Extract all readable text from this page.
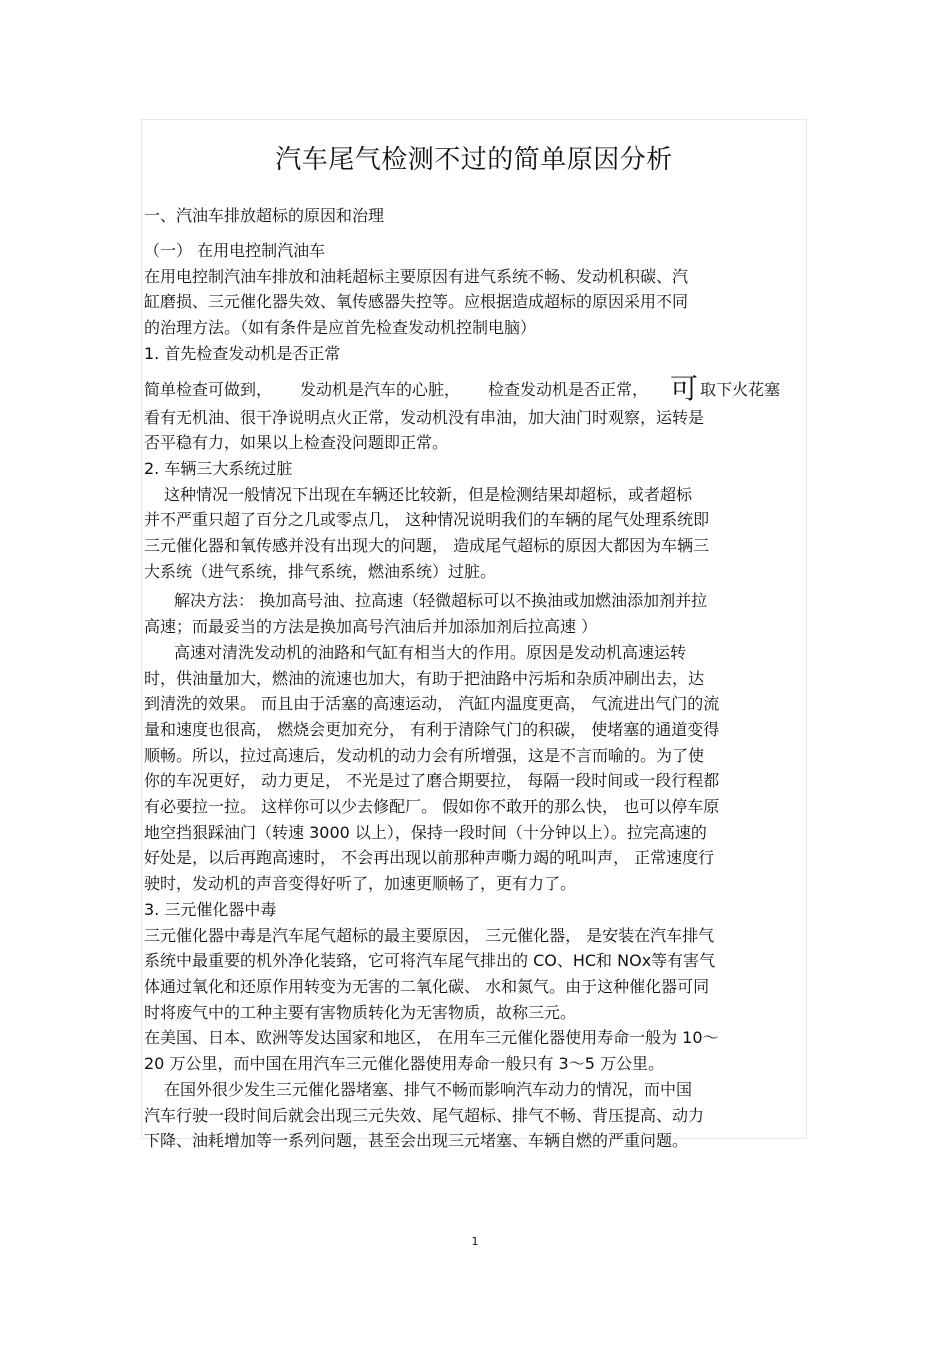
汽车尾气检测不过的简单原因分析
一、汽油车排放超标的原因和治理
（一） 在用电控制汽油车
在用电控制汽油车排放和油耗超标主要原因有进气系统不畅、发动机积碳、汽
缸磨损、三元催化器失效、氧传感器失控等。应根据造成超标的原因采用不同
的治理方法。（如有条件是应首先检查发动机控制电脑）
1. 首先检查发动机是否正常
简单检查可做到， 发动机是汽车的心脏， 检查发动机是否正常， 可 取下火花塞
看有无机油、很干净说明点火正常，发动机没有串油，加大油门时观察，运转是
否平稳有力，如果以上检查没问题即正常。
2. 车辆三大系统过脏
这种情况一般情况下出现在车辆还比较新，但是检测结果却超标，或者超标
并不严重只超了百分之几或零点几， 这种情况说明我们的车辆的尾气处理系统即
三元催化器和氧传感并没有出现大的问题， 造成尾气超标的原因大都因为车辆三
大系统（进气系统，排气系统，燃油系统）过脏。
解决方法： 换加高号油、拉高速（轻微超标可以不换油或加燃油添加剂并拉
高速；而最妥当的方法是换加高号汽油后并加添加剂后拉高速 ）
高速对清洗发动机的油路和气缸有相当大的作用。原因是发动机高速运转
时，供油量加大，燃油的流速也加大，有助于把油路中污垢和杂质冲刷出去，达
到清洗的效果。 而且由于活塞的高速运动， 汽缸内温度更高， 气流进出气门的流
量和速度也很高， 燃烧会更加充分， 有利于清除气门的积碳， 使堵塞的通道变得
顺畅。所以，拉过高速后，发动机的动力会有所增强，这是不言而喻的。为了使
你的车况更好， 动力更足， 不光是过了磨合期要拉， 每隔一段时间或一段行程都
有必要拉一拉。 这样你可以少去修配厂。 假如你不敢开的那么快， 也可以停车原
地空挡狠踩油门（转速 3000 以上），保持一段时间（十分钟以上）。拉完高速的
好处是，以后再跑高速时， 不会再出现以前那种声嘶力竭的吼叫声， 正常速度行
驶时，发动机的声音变得好听了，加速更顺畅了，更有力了。
3. 三元催化器中毒
三元催化器中毒是汽车尾气超标的最主要原因， 三元催化器， 是安装在汽车排气
系统中最重要的机外净化装臵，它可将汽车尾气排出的 CO、HC和 NOx等有害气
体通过氧化和还原作用转变为无害的二氧化碳、 水和氮气。由于这种催化器可同
时将废气中的工种主要有害物质转化为无害物质，故称三元。
在美国、日本、欧洲等发达国家和地区， 在用车三元催化器使用寿命一般为 10～
20 万公里，而中国在用汽车三元催化器使用寿命一般只有 3～5 万公里。
在国外很少发生三元催化器堵塞、排气不畅而影响汽车动力的情况，而中国
汽车行驶一段时间后就会出现三元失效、尾气超标、排气不畅、背压提高、动力
下降、油耗增加等一系列问题，甚至会出现三元堵塞、车辆自燃的严重问题。
1
